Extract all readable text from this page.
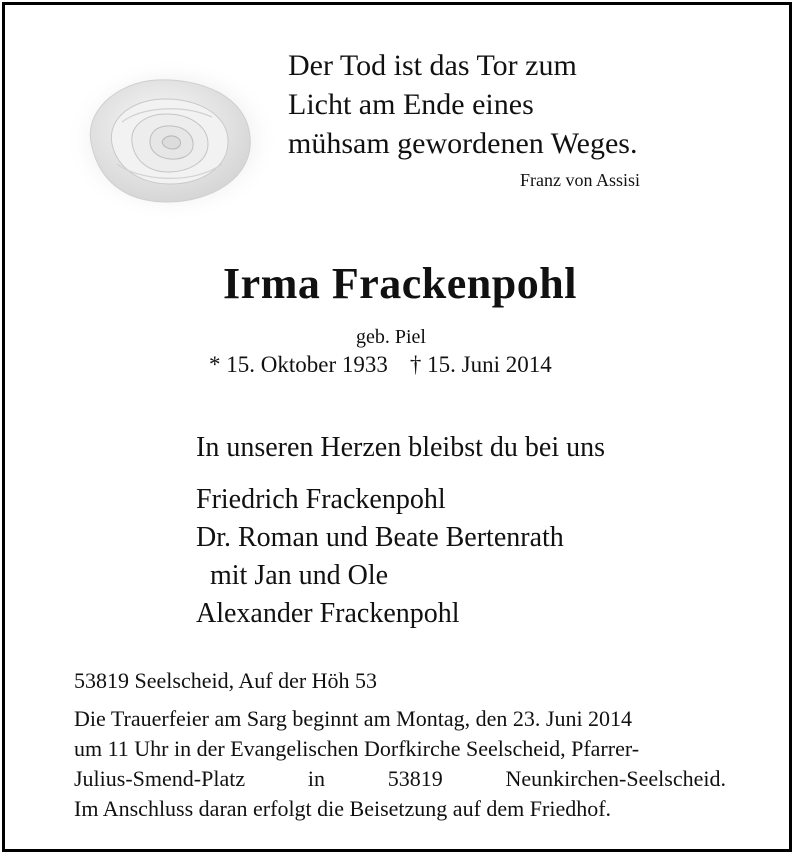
Der Tod ist das Tor zum
Licht am Ende eines
mühsam gewordenen Weges.
Franz von Assisi
Irma Frackenpohl
geb. Piel
* 15. Oktober 1933 † 15. Juni 2014
In unseren Herzen bleibst du bei uns
Friedrich Frackenpohl
Dr. Roman und Beate Bertenrath
mit Jan und Ole
Alexander Frackenpohl
53819 Seelscheid, Auf der Höh 53
Die Trauerfeier am Sarg beginnt am Montag, den 23. Juni 2014
um 11 Uhr in der Evangelischen Dorfkirche Seelscheid, Pfarrer-
Julius-Smend-Platz	in	53819	Neunkirchen-Seelscheid.
Im Anschluss daran erfolgt die Beisetzung auf dem Friedhof.
